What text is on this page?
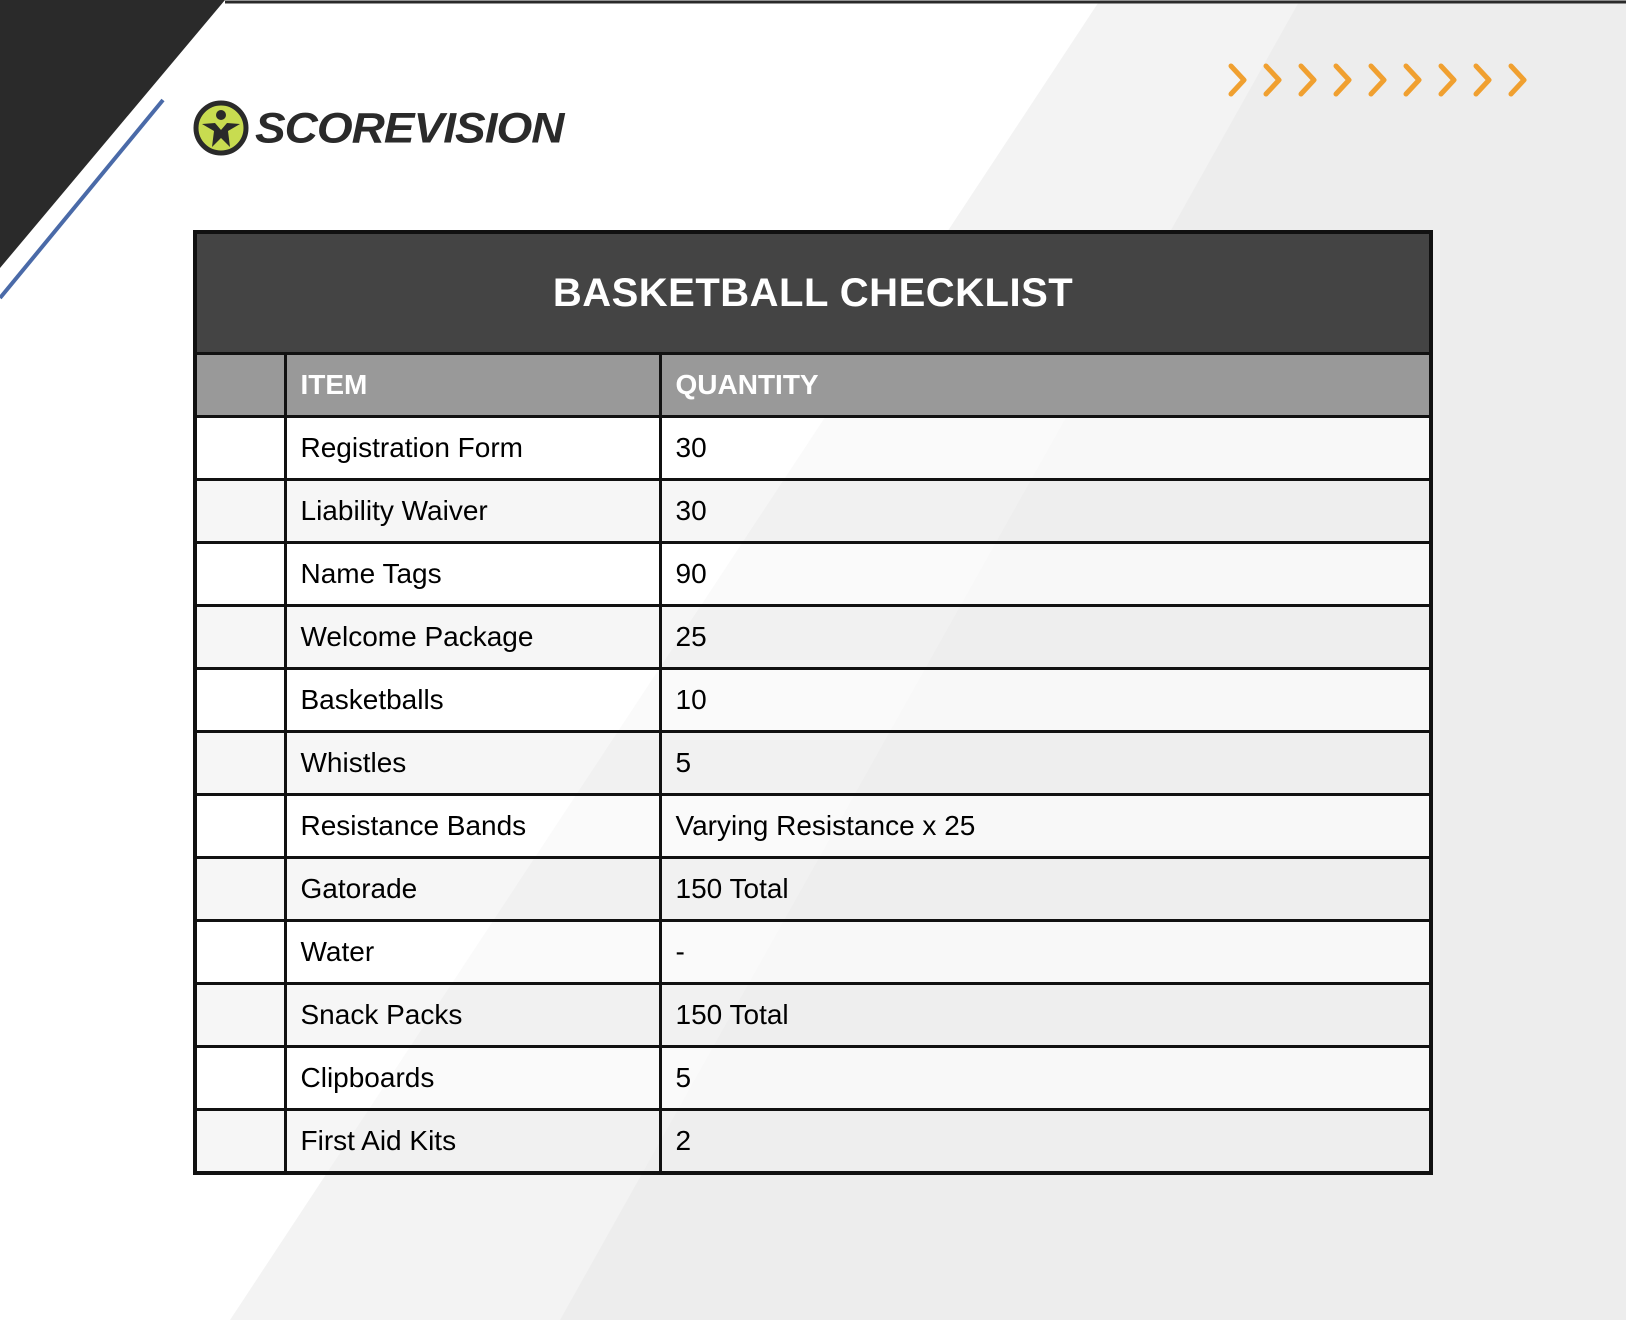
SCOREVISION
BASKETBALL CHECKLIST		
	ITEM	QUANTITY
	Registration Form	30
	Liability Waiver	30
	Name Tags	90
	Welcome Package	25
	Basketballs	10
	Whistles	5
	Resistance Bands	Varying Resistance x 25
	Gatorade	150 Total
	Water	-
	Snack Packs	150 Total
	Clipboards	5
	First Aid Kits	2
